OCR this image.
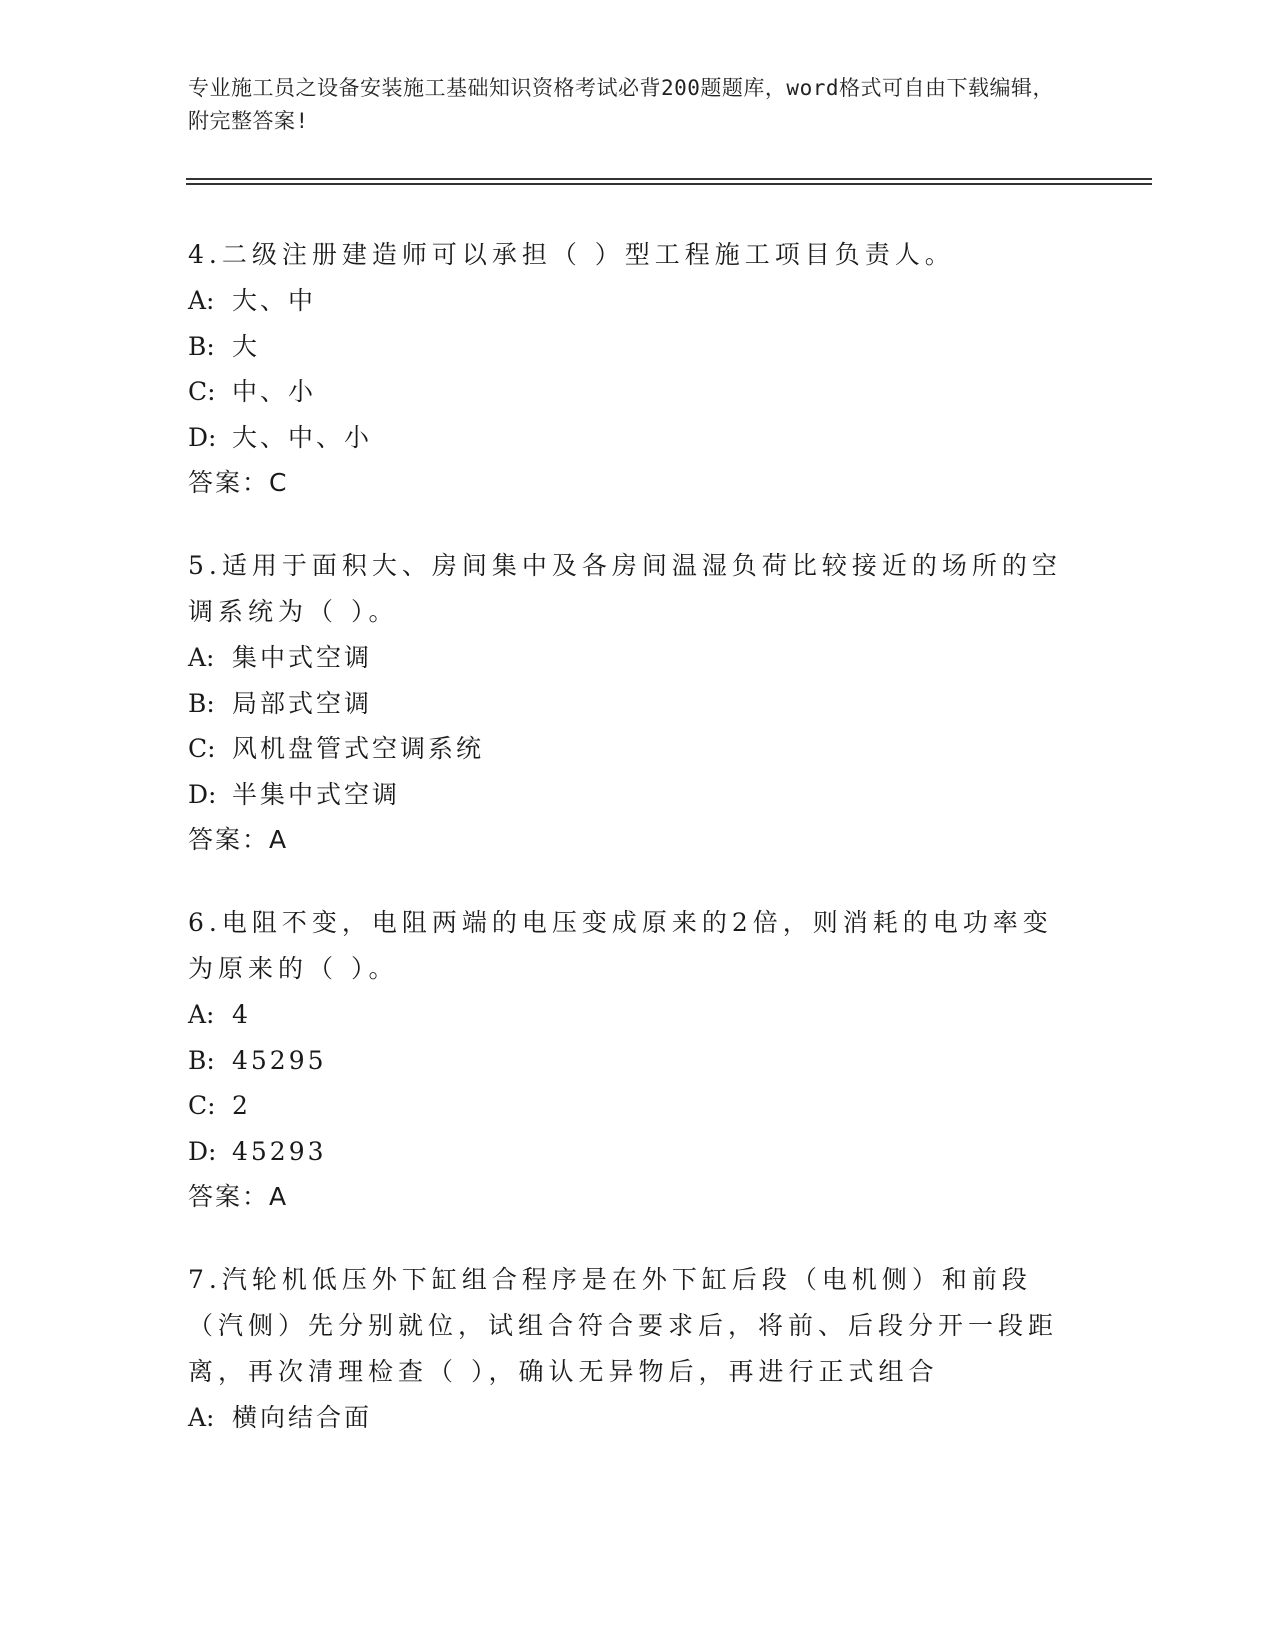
专业施工员之设备安装施工基础知识资格考试必背200题题库，word格式可自由下载编辑，附完整答案!

4.二级注册建造师可以承担（ ）型工程施工项目负责人。

A: 大、中

B: 大

C: 中、小

D: 大、中、小

答案：C

5.适用于面积大、房间集中及各房间温湿负荷比较接近的场所的空调系统为（ ）。

A: 集中式空调

B: 局部式空调

C: 风机盘管式空调系统

D: 半集中式空调

答案：A

6.电阻不变，电阻两端的电压变成原来的2倍，则消耗的电功率变为原来的（ ）。

A: 4

B: 45295

C: 2

D: 45293

答案：A

7.汽轮机低压外下缸组合程序是在外下缸后段（电机侧）和前段（汽侧）先分别就位，试组合符合要求后，将前、后段分开一段距离，再次清理检查（ ），确认无异物后，再进行正式组合

A: 横向结合面
